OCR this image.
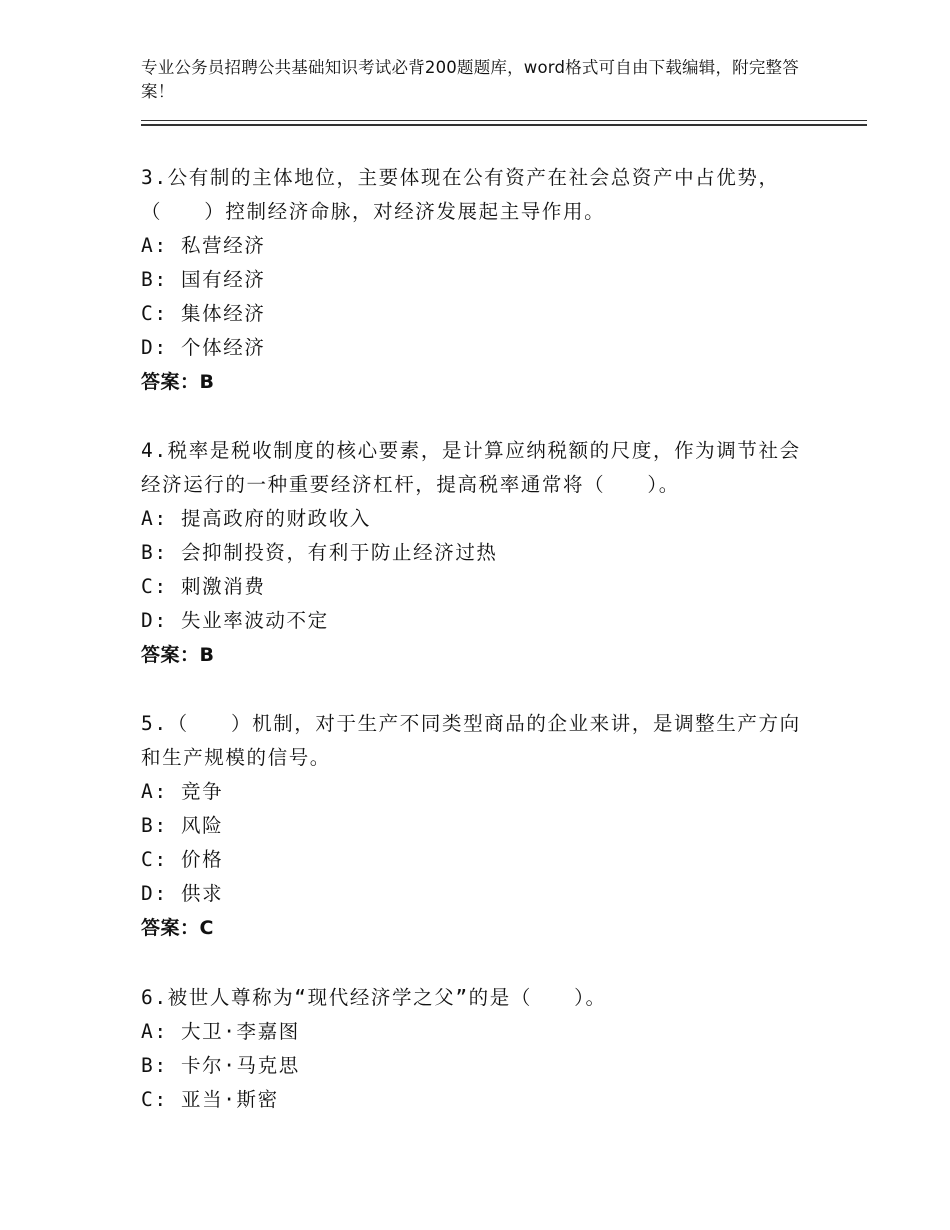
专业公务员招聘公共基础知识考试必背200题题库，word格式可自由下载编辑，附完整答案！

3.公有制的主体地位，主要体现在公有资产在社会总资产中占优势，（　　）控制经济命脉，对经济发展起主导作用。

A: 私营经济

B: 国有经济

C: 集体经济

D: 个体经济

答案：B

4.税率是税收制度的核心要素，是计算应纳税额的尺度，作为调节社会经济运行的一种重要经济杠杆，提高税率通常将（　　）。

A: 提高政府的财政收入

B: 会抑制投资，有利于防止经济过热

C: 刺激消费

D: 失业率波动不定

答案：B

5.（　　）机制，对于生产不同类型商品的企业来讲，是调整生产方向和生产规模的信号。

A: 竞争

B: 风险

C: 价格

D: 供求

答案：C

6.被世人尊称为“现代经济学之父”的是（　　）。

A: 大卫·李嘉图

B: 卡尔·马克思

C: 亚当·斯密
